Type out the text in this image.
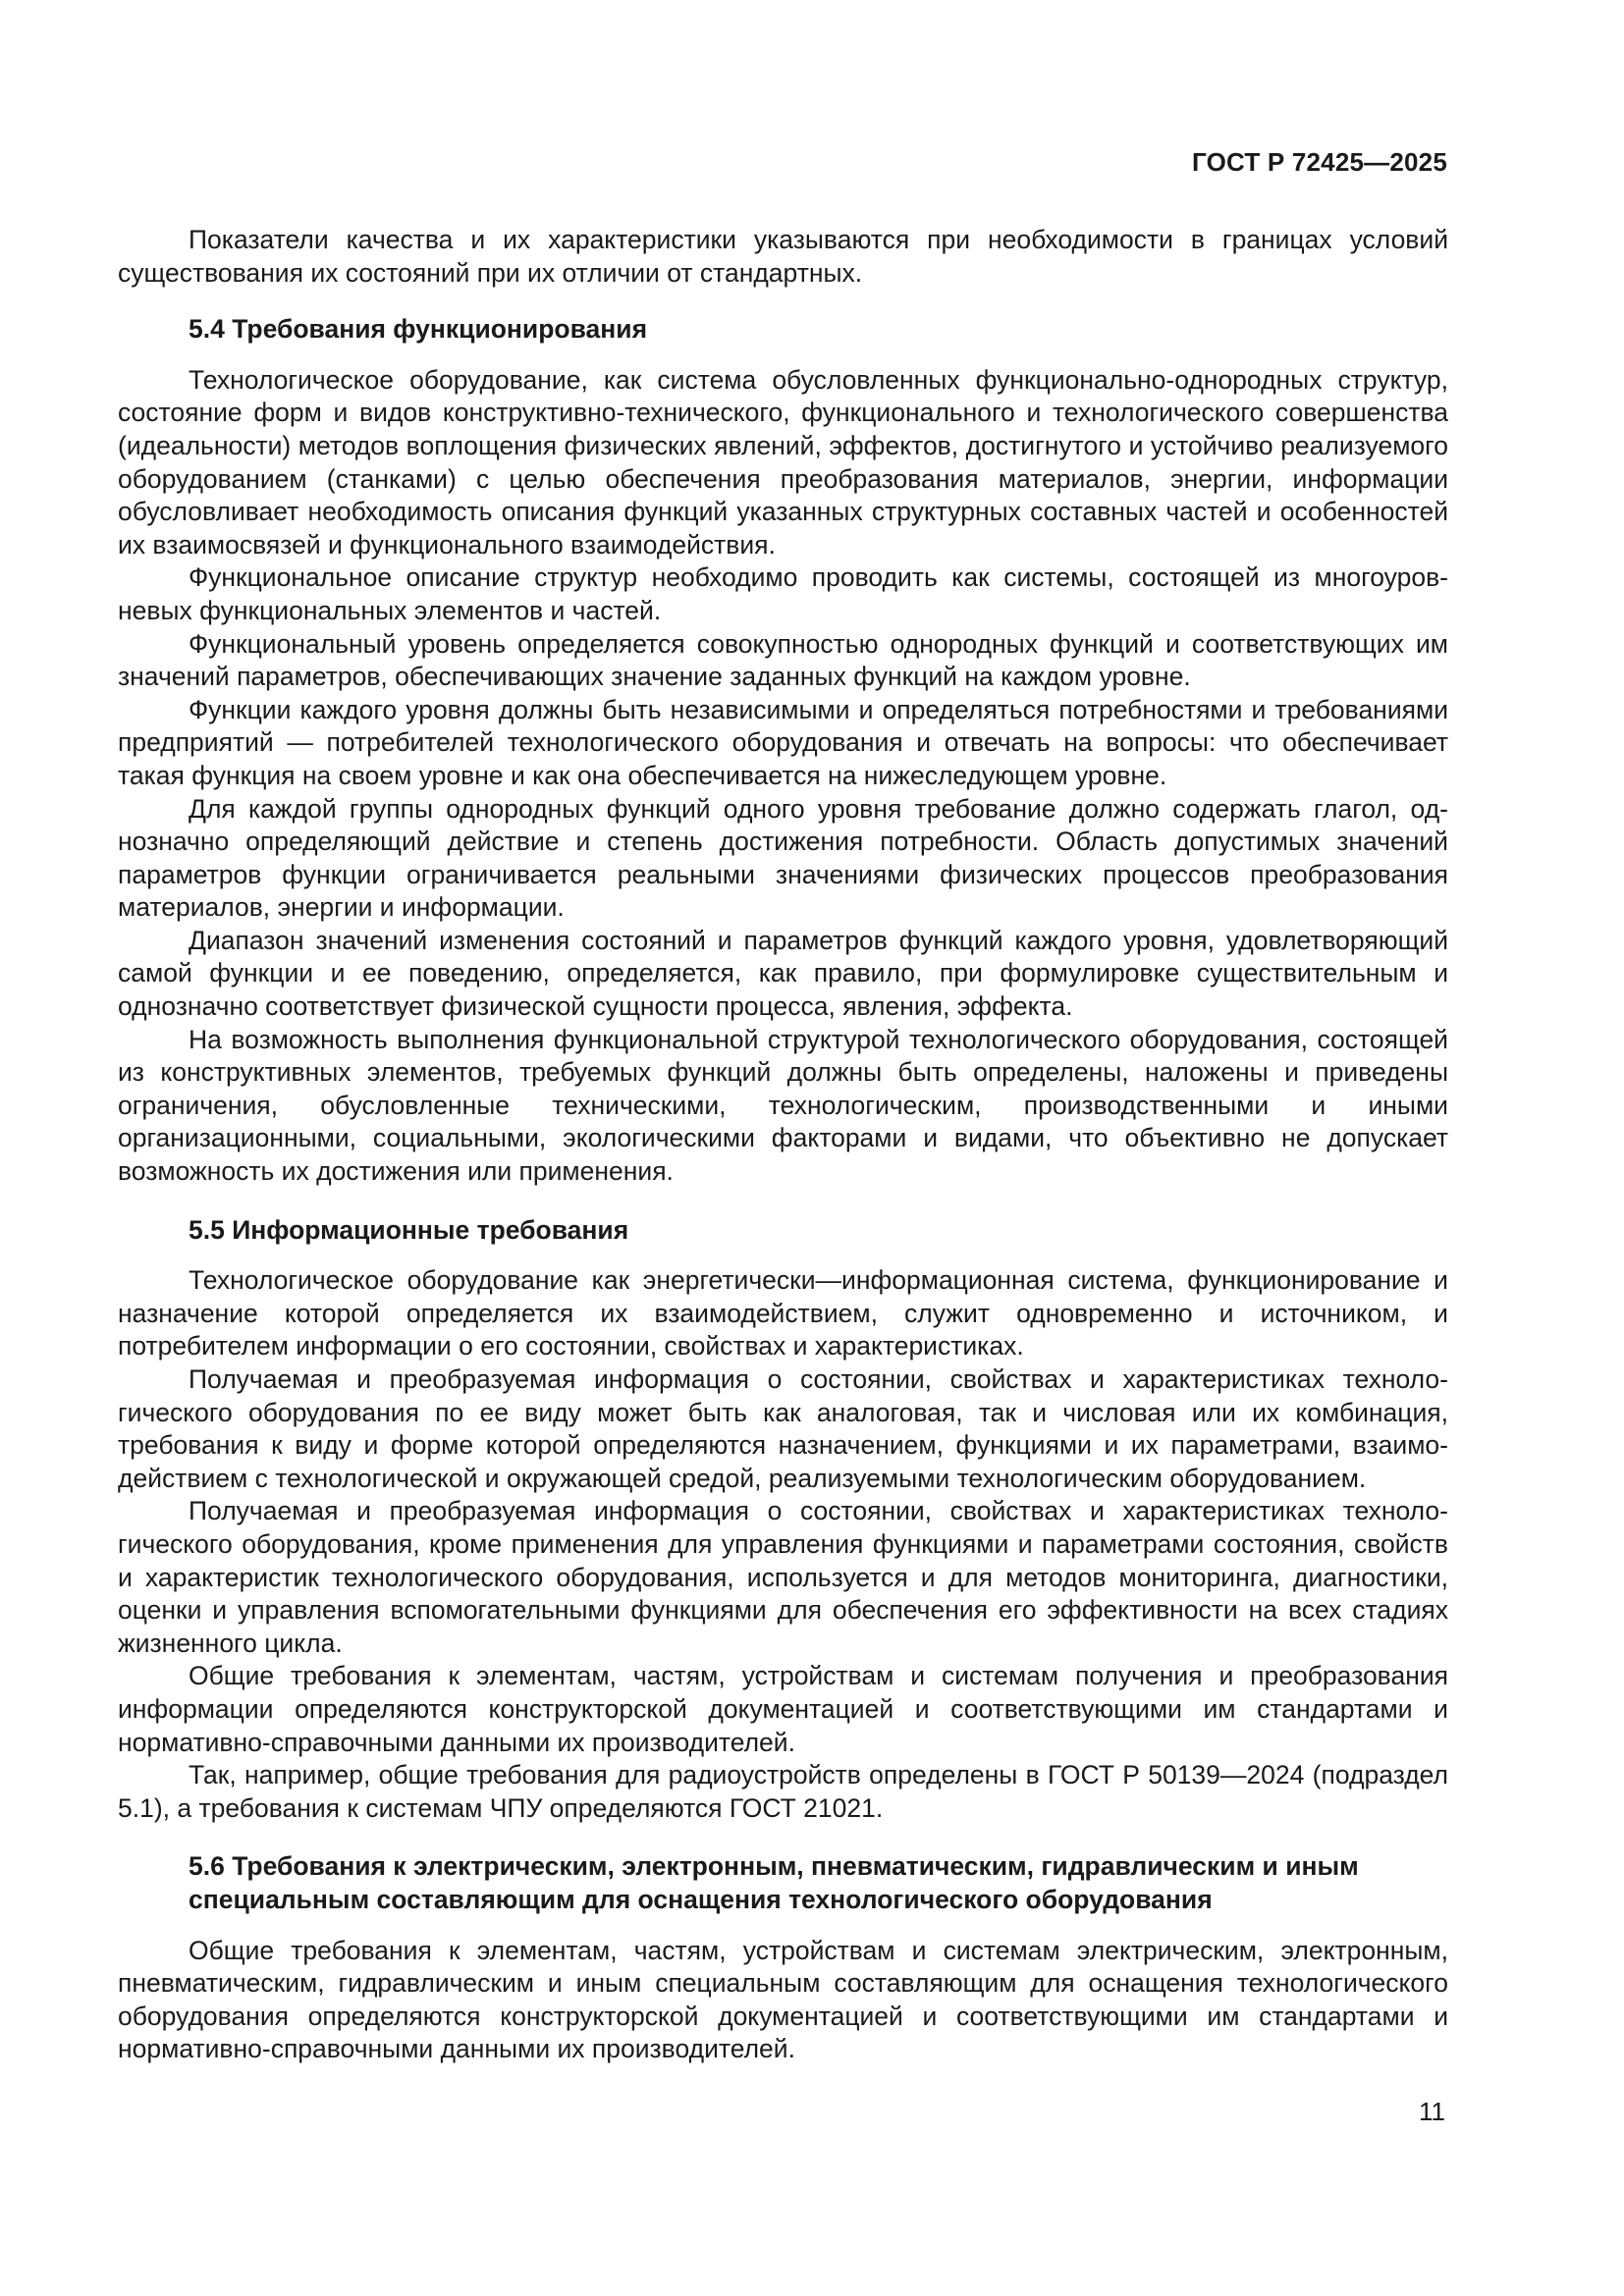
ГОСТ Р 72425—2025

Показатели качества и их характеристики указываются при необходимости в границах условий существования их состояний при их отличии от стандартных.

5.4 Требования функционирования

Технологическое оборудование, как система обусловленных функционально-однородных структур, состояние форм и видов конструктивно-технического, функционального и технологического совершенства (идеальности) методов воплощения физических явлений, эффектов, достигнутого и устойчиво реализуемого оборудованием (станками) с целью обеспечения преобразования материалов, энергии, информации обусловливает необходимость описания функций указанных структурных составных частей и особенностей их взаимосвязей и функционального взаимодействия.

Функциональное описание структур необходимо проводить как системы, состоящей из многоуровневых функциональных элементов и частей.

Функциональный уровень определяется совокупностью однородных функций и соответствующих им значений параметров, обеспечивающих значение заданных функций на каждом уровне.

Функции каждого уровня должны быть независимыми и определяться потребностями и требованиями предприятий — потребителей технологического оборудования и отвечать на вопросы: что обеспечивает такая функция на своем уровне и как она обеспечивается на нижеследующем уровне.

Для каждой группы однородных функций одного уровня требование должно содержать глагол, однозначно определяющий действие и степень достижения потребности. Область допустимых значений параметров функции ограничивается реальными значениями физических процессов преобразования материалов, энергии и информации.

Диапазон значений изменения состояний и параметров функций каждого уровня, удовлетворяющий самой функции и ее поведению, определяется, как правило, при формулировке существительным и однозначно соответствует физической сущности процесса, явления, эффекта.

На возможность выполнения функциональной структурой технологического оборудования, состоящей из конструктивных элементов, требуемых функций должны быть определены, наложены и приведены ограничения, обусловленные техническими, технологическим, производственными и иными организационными, социальными, экологическими факторами и видами, что объективно не допускает возможность их достижения или применения.

5.5 Информационные требования

Технологическое оборудование как энергетически—информационная система, функционирование и назначение которой определяется их взаимодействием, служит одновременно и источником, и потребителем информации о его состоянии, свойствах и характеристиках.

Получаемая и преобразуемая информация о состоянии, свойствах и характеристиках технологического оборудования по ее виду может быть как аналоговая, так и числовая или их комбинация, требования к виду и форме которой определяются назначением, функциями и их параметрами, взаимодействием с технологической и окружающей средой, реализуемыми технологическим оборудованием.

Получаемая и преобразуемая информация о состоянии, свойствах и характеристиках технологического оборудования, кроме применения для управления функциями и параметрами состояния, свойств и характеристик технологического оборудования, используется и для методов мониторинга, диагностики, оценки и управления вспомогательными функциями для обеспечения его эффективности на всех стадиях жизненного цикла.

Общие требования к элементам, частям, устройствам и системам получения и преобразования информации определяются конструкторской документацией и соответствующими им стандартами и нормативно-справочными данными их производителей.

Так, например, общие требования для радиоустройств определены в ГОСТ Р 50139—2024 (подраздел 5.1), а требования к системам ЧПУ определяются ГОСТ 21021.

5.6 Требования к электрическим, электронным, пневматическим, гидравлическим и иным специальным составляющим для оснащения технологического оборудования

Общие требования к элементам, частям, устройствам и системам электрическим, электронным, пневматическим, гидравлическим и иным специальным составляющим для оснащения технологического оборудования определяются конструкторской документацией и соответствующими им стандартами и нормативно-справочными данными их производителей.

11
